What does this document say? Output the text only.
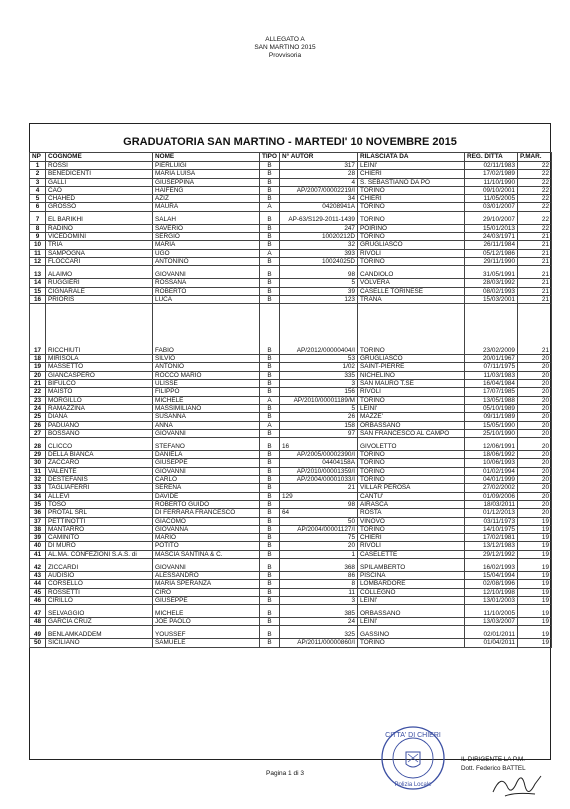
ALLEGATO A
SAN MARTINO 2015
Provvisoria
GRADUATORIA SAN MARTINO - MARTEDI' 10 NOVEMBRE 2015
NP	COGNOME	NOME	TIPO	N° AUTOR	RILASCIATA DA	REG. DITTA	P.MAR.
1	ROSSI	PIERLUIGI	B	317	LEINI'	02/11/1983	22
2	BENEDICENTI	MARIA LUISA	B	28	CHIERI	17/02/1989	22
3	GALLI	GIUSEPPINA	B	4	S. SEBASTIANO DA PO	11/10/1990	22
4	CAO	HAIFENG	B	AP/2007/00002219/I	TORINO	09/10/2001	22
5	CHAHED	AZIZ	B	34	CHIERI	11/05/2005	22
6	GROSSO	MAURA	A	04208941A	TORINO	03/01/2007	22
7	EL BARIKHI	SALAH	B	AP-63/S129-2011-1439	TORINO	29/10/2007	22
8	RADINO	SAVERIO	B	247	POIRINO	15/01/2013	22
9	VICEDOMINI	SERGIO	B	10020212D	TORINO	24/03/1971	21
10	TRIA	MARIA	B	32	GRUGLIASCO	26/11/1984	21
11	SAMPOGNA	UGO	A	393	RIVOLI	05/12/1986	21
12	FLOCCARI	ANTONINO	B	10024025D	TORINO	29/11/1990	21
13	ALAIMO	GIOVANNI	B	98	CANDIOLO	31/05/1991	21
14	RUGGIERI	ROSSANA	B	5	VOLVERA	28/03/1992	21
15	CIGNARALE	ROBERTO	B	39	CASELLE TORINESE	08/02/1993	21
16	PRIORIS	LUCA	B	123	TRANA	15/03/2001	21
17	RICCHIUTI	FABIO	B	AP/2012/00000404/I	TORINO	23/02/2009	21
18	MIRISOLA	SILVIO	B	53	GRUGLIASCO	20/01/1967	20
19	MASSETTO	ANTONIO	B	1/02	SAINT-PIERRE	07/11/1975	20
20	GIANCASPERO	ROCCO MARIO	B	335	NICHELINO	11/03/1983	20
21	BIFULCO	ULISSE	B	3	SAN MAURO T.SE	16/04/1984	20
22	MAISTO	FILIPPO	B	156	RIVOLI	17/07/1985	20
23	MORGILLO	MICHELE	A	AP/2010/00001189/M	TORINO	13/05/1988	20
24	RAMAZZINA	MASSIMILIANO	B	5	LEINI'	05/10/1989	20
25	DIANA	SUSANNA	B	26	MAZZE'	09/11/1989	20
26	PADUANO	ANNA	A	158	ORBASSANO	15/05/1990	20
27	BOSSANO	GIOVANNI	B	97	SAN FRANCESCO AL CAMPO	25/10/1990	20
28	CLICCO	STEFANO	B	16	GIVOLETTO	12/06/1991	20
29	DELLA BIANCA	DANIELA	B	AP/2005/00002390/I	TORINO	18/06/1992	20
30	ZACCARO	GIUSEPPE	B	04404158A	TORINO	10/06/1993	20
31	VALENTE	GIOVANNI	B	AP/2010/00001359/I	TORINO	01/02/1994	20
32	DESTEFANIS	CARLO	B	AP/2004/00001033/I	TORINO	04/01/1999	20
33	TAGLIAFERRI	SERENA	B	21	VILLAR PEROSA	27/02/2002	20
34	ALLEVI	DAVIDE	B	129	CANTU'	01/09/2006	20
35	TOSO	ROBERTO GUIDO	B	98	AIRASCA	18/03/2011	20
36	PROTAL SRL	DI FERRARA FRANCESCO	B	64	ROSTA	01/12/2013	20
37	PETTINOTTI	GIACOMO	B	50	VINOVO	03/11/1973	19
38	MANTARRO	GIOVANNA	B	AP/2004/00001127/I	TORINO	14/10/1975	19
39	CAMINITO	MARIO	B	75	CHIERI	17/02/1981	19
40	DI MURO	POTITO	B	20	RIVOLI	13/12/1983	19
41	AL.MA. CONFEZIONI S.A.S. di	MASCIA SANTINA & C.	B	1	CASELETTE	29/12/1992	19
42	ZICCARDI	GIOVANNI	B	368	SPILAMBERTO	16/02/1993	19
43	AUDISIO	ALESSANDRO	B	86	PISCINA	15/04/1994	19
44	CORSELLO	MARIA SPERANZA	B	8	LOMBARDORE	02/08/1996	19
45	ROSSETTI	CIRO	B	11	COLLEGNO	12/10/1998	19
46	CIRILLO	GIUSEPPE	B	3	LEINI'	13/01/2003	19
47	SELVAGGIO	MICHELE	B	385	ORBASSANO	11/10/2005	19
48	GARCIA CRUZ	JOE PAOLO	B	24	LEINI'	13/03/2007	19
49	BENLAMKADDEM	YOUSSEF	B	325	GASSINO	02/01/2011	19
50	SICILIANO	SAMUELE	B	AP/2011/00000860/I	TORINO	01/04/2011	19
CITTA' DI CHIERI
Polizia Locale
IL DIRIGENTE LA P.M.
Dott. Federico BATTEL
Pagina 1 di 3
